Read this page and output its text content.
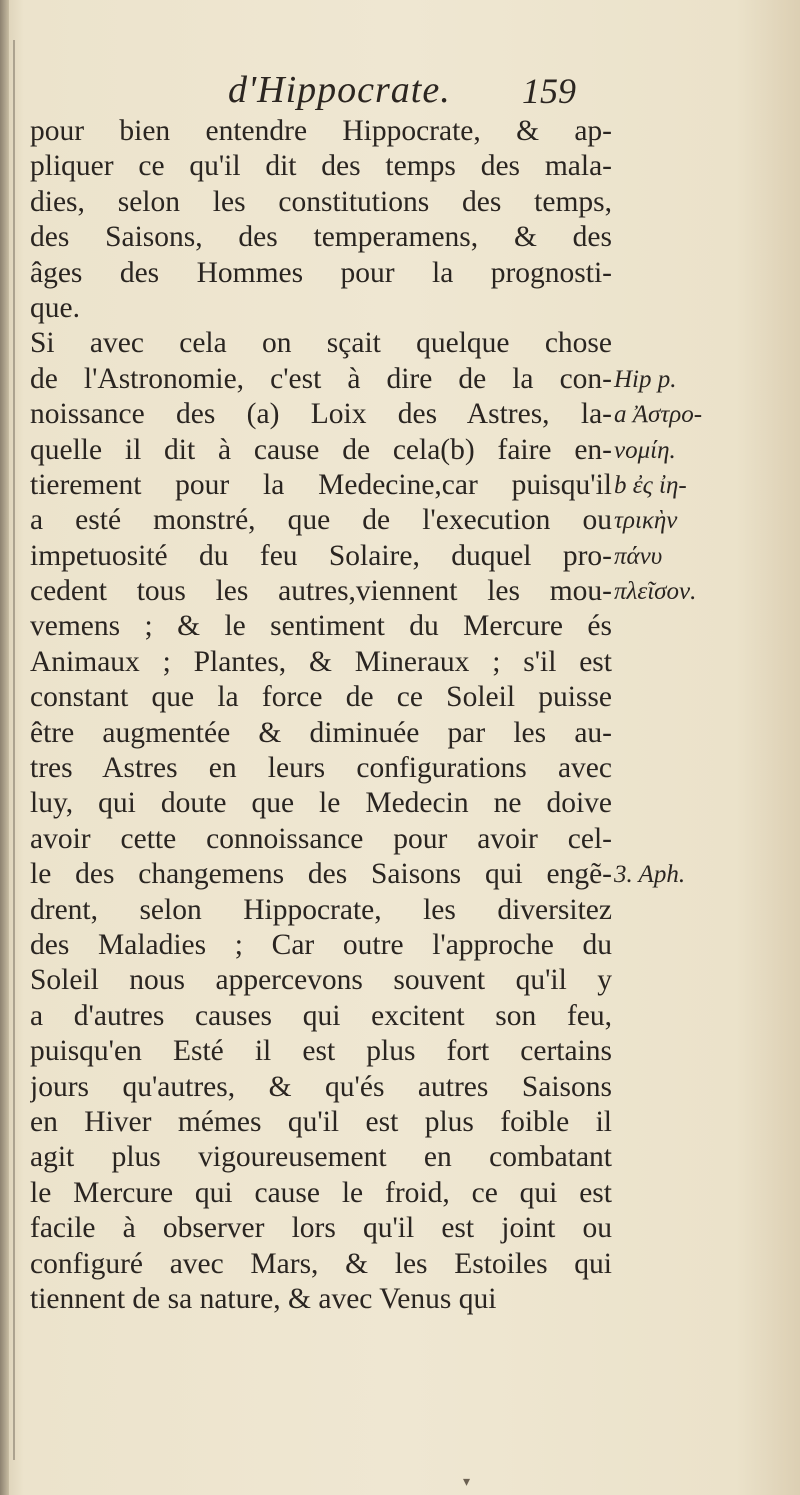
d'Hippocrate. 159
pour bien entendre Hippocrate, & ap-
pliquer ce qu'il dit des temps des mala-
dies, selon les constitutions des temps,
des Saisons, des temperamens, & des
âges des Hommes pour la prognosti-
que.
Si avec cela on sçait quelque chose
de l'Astronomie, c'est à dire de la con-
noissance des (a) Loix des Astres, la-
quelle il dit à cause de cela(b) faire en-
tierement pour la Medecine,car puisqu'il
a esté monstré, que de l'execution ou
impetuosité du feu Solaire, duquel pro-
cedent tous les autres,viennent les mou-
vemens ; & le sentiment du Mercure és
Animaux ; Plantes, & Mineraux ; s'il est
constant que la force de ce Soleil puisse
être augmentée & diminuée par les au-
tres Astres en leurs configurations avec
luy, qui doute que le Medecin ne doive
avoir cette connoissance pour avoir cel-
le des changemens des Saisons qui engẽ-
drent, selon Hippocrate, les diversitez
des Maladies ; Car outre l'approche du
Soleil nous appercevons souvent qu'il y
a d'autres causes qui excitent son feu,
puisqu'en Esté il est plus fort certains
jours qu'autres, & qu'és autres Saisons
en Hiver mémes qu'il est plus foible il
agit plus vigoureusement en combatant
le Mercure qui cause le froid, ce qui est
facile à observer lors qu'il est joint ou
configuré avec Mars, & les Estoiles qui
tiennent de sa nature, & avec Venus qui
Hip p.
a Ἀστρο-
νομίη.
b ἐς ἰη-
τρικὴν
πάνυ
πλεῖσον.
3. Aph.
▾
